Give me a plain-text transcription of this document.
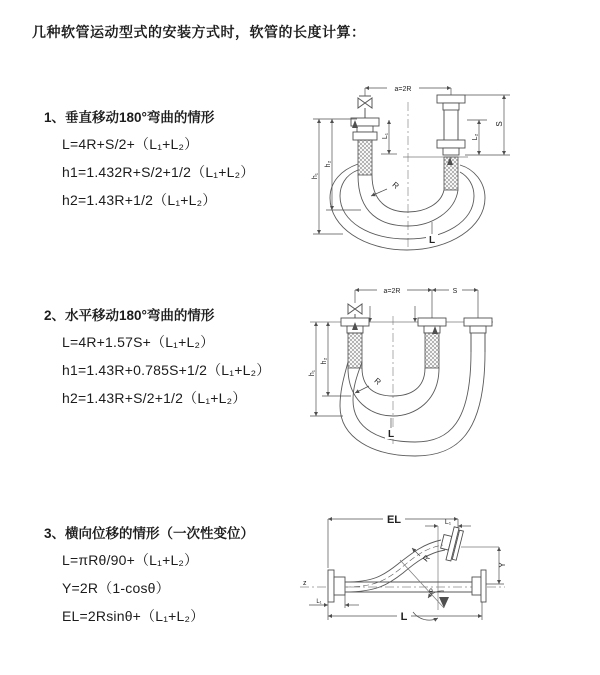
几种软管运动型式的安装方式时，软管的长度计算：
1、垂直移动180°弯曲的情形
L=4R+S/2+（L₁+L₂）
h1=1.432R+S/2+1/2（L₁+L₂）
h2=1.43R+1/2（L₁+L₂）
2、水平移动180°弯曲的情形
L=4R+1.57S+（L₁+L₂）
h1=1.43R+0.785S+1/2（L₁+L₂）
h2=1.43R+S/2+1/2（L₁+L₂）
3、横向位移的情形（一次性变位）
L=πRθ/90+（L₁+L₂）
Y=2R（1-cosθ）
EL=2Rsinθ+（L₁+L₂）
a=2R
R
h₁
h₂
L₁
S
L₂
L
a=2R	S
R
h₁
h₂
L
z
EL	L₁
Y
R
θ
L
L₁
